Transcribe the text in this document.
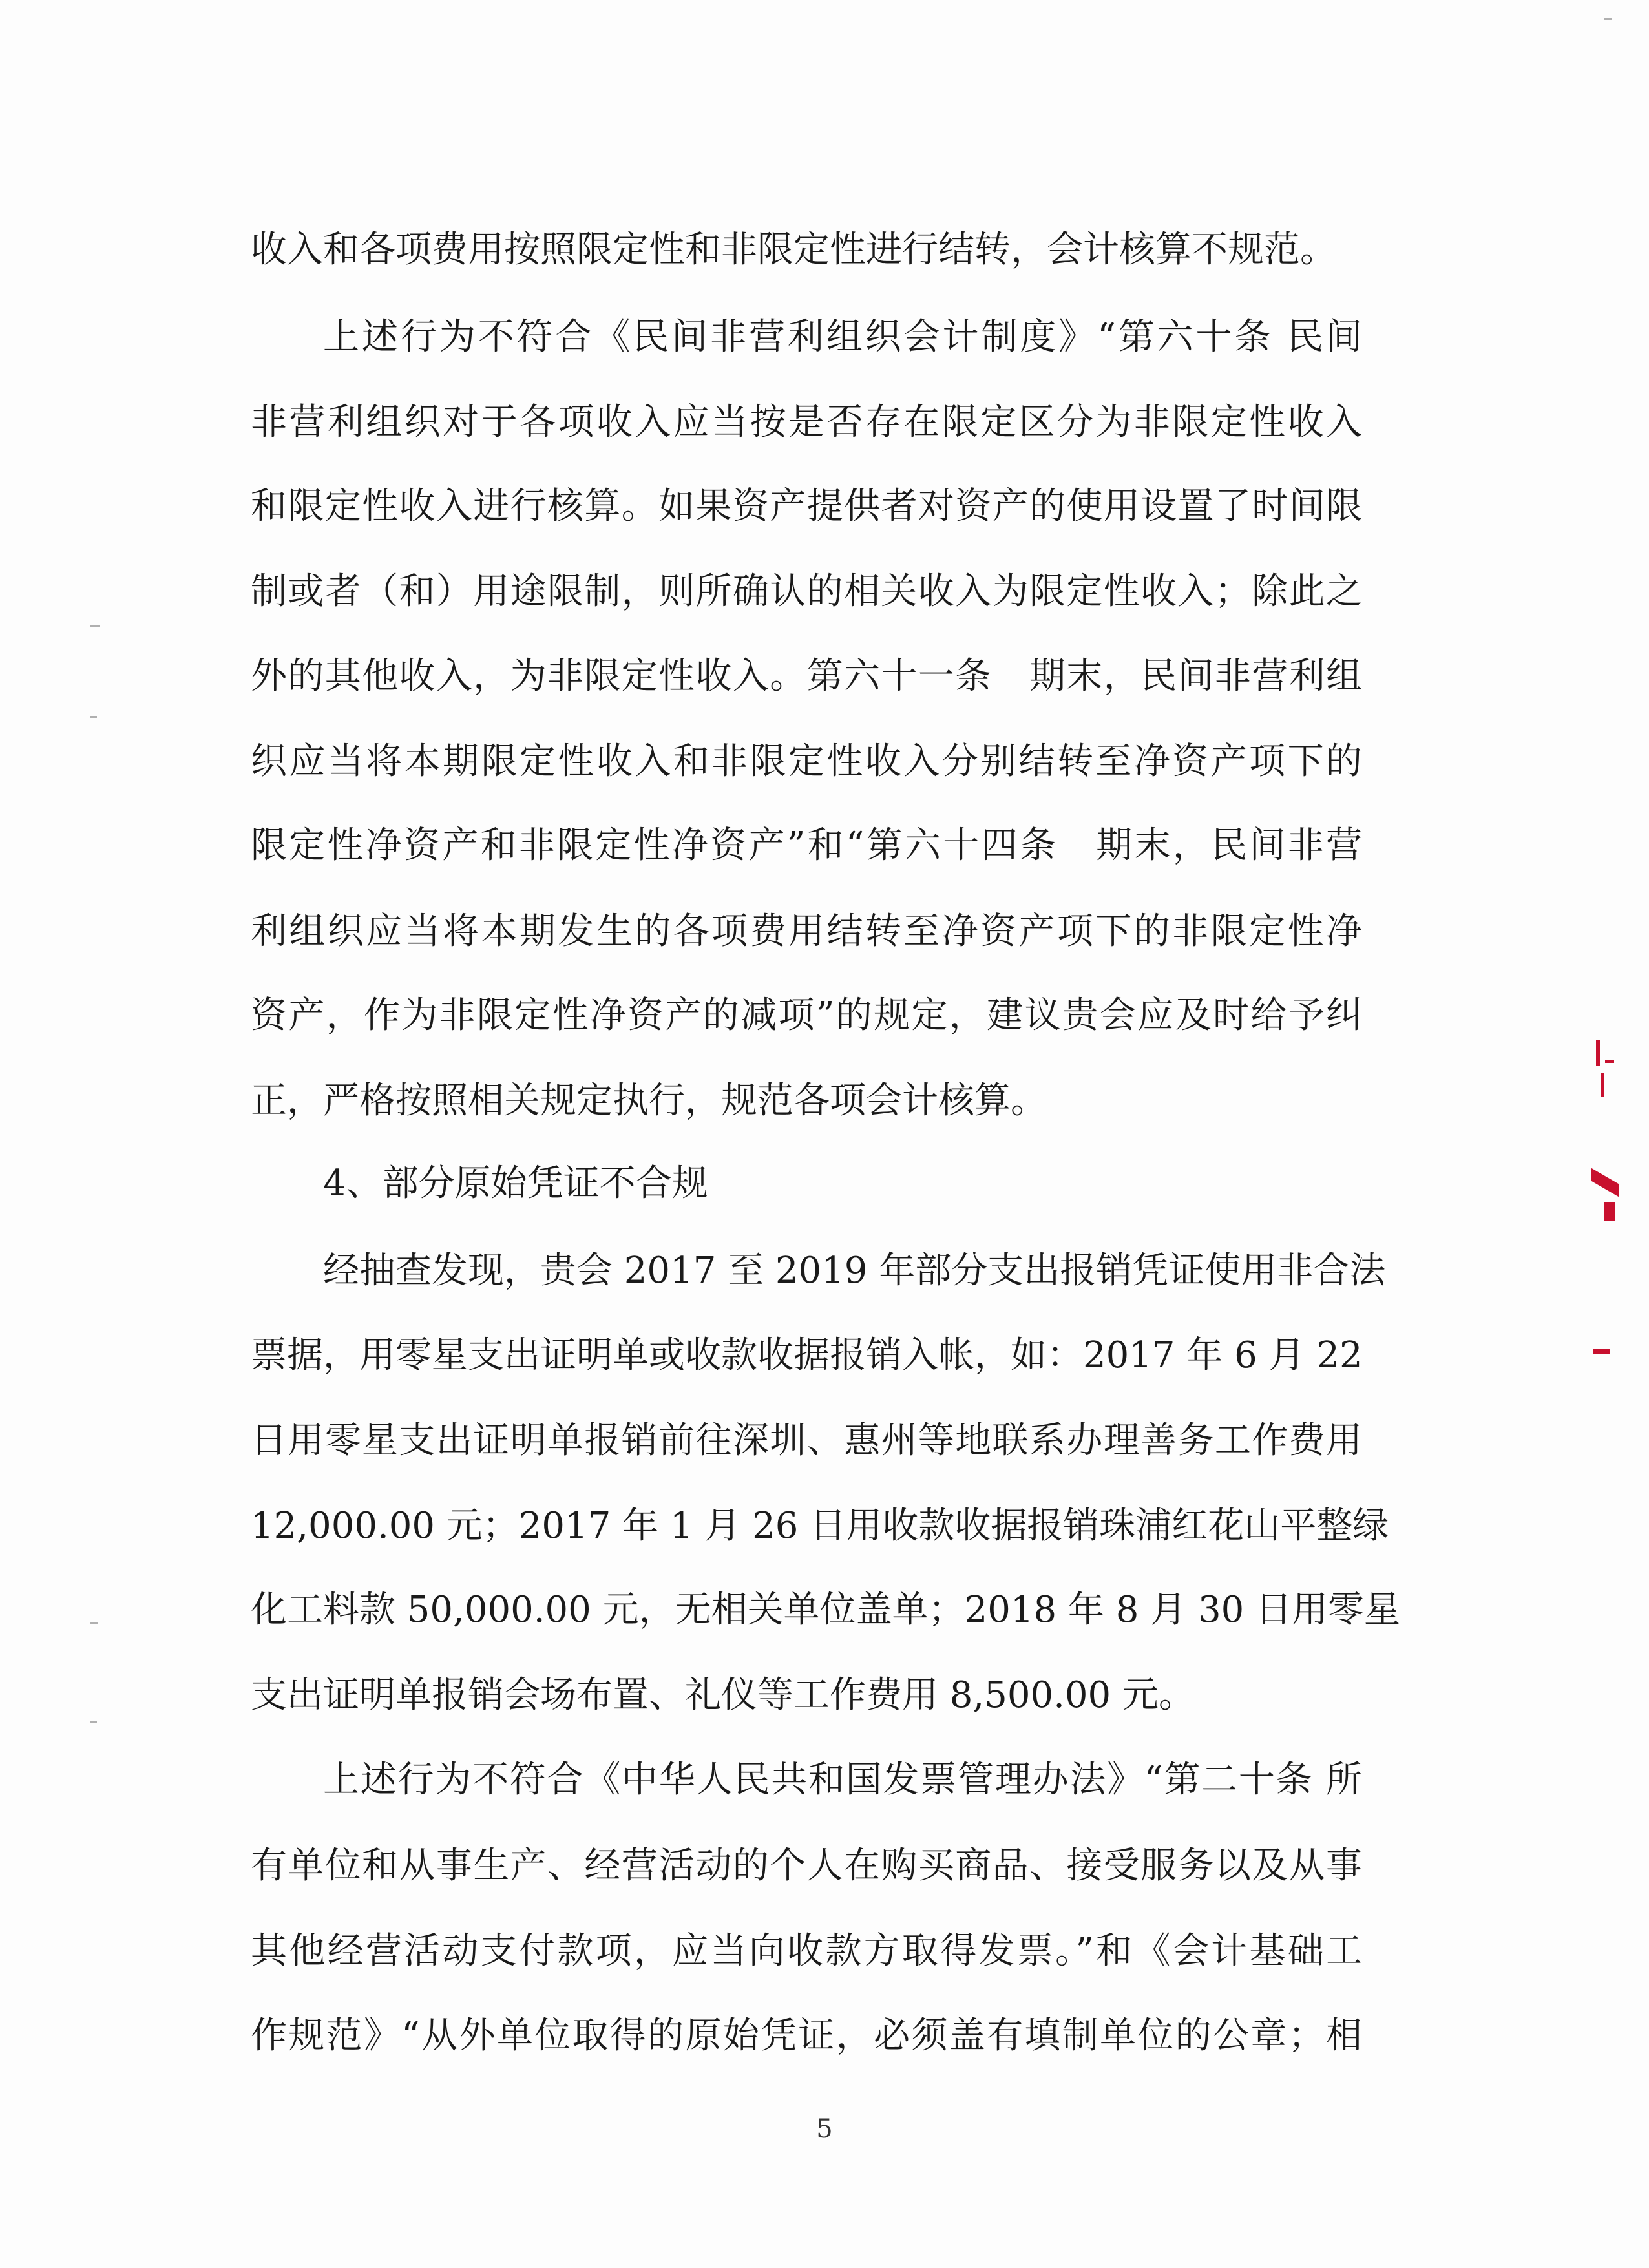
收入和各项费用按照限定性和非限定性进行结转，会计核算不规范。
上述行为不符合《民间非营利组织会计制度》“第六十条 民间
非营利组织对于各项收入应当按是否存在限定区分为非限定性收入
和限定性收入进行核算。如果资产提供者对资产的使用设置了时间限
制或者（和）用途限制，则所确认的相关收入为限定性收入；除此之
外的其他收入，为非限定性收入。第六十一条　期末，民间非营利组
织应当将本期限定性收入和非限定性收入分别结转至净资产项下的
限定性净资产和非限定性净资产”和“第六十四条　期末，民间非营
利组织应当将本期发生的各项费用结转至净资产项下的非限定性净
资产，作为非限定性净资产的减项”的规定，建议贵会应及时给予纠
正，严格按照相关规定执行，规范各项会计核算。
4、部分原始凭证不合规
经抽查发现，贵会 2017 至 2019 年部分支出报销凭证使用非合法
票据，用零星支出证明单或收款收据报销入帐，如：2017 年 6 月 22
日用零星支出证明单报销前往深圳、惠州等地联系办理善务工作费用
12,000.00 元；2017 年 1 月 26 日用收款收据报销珠浦红花山平整绿
化工料款 50,000.00 元，无相关单位盖单；2018 年 8 月 30 日用零星
支出证明单报销会场布置、礼仪等工作费用 8,500.00 元。
上述行为不符合《中华人民共和国发票管理办法》“第二十条 所
有单位和从事生产、经营活动的个人在购买商品、接受服务以及从事
其他经营活动支付款项，应当向收款方取得发票。”和《会计基础工
作规范》“从外单位取得的原始凭证，必须盖有填制单位的公章；相
5
